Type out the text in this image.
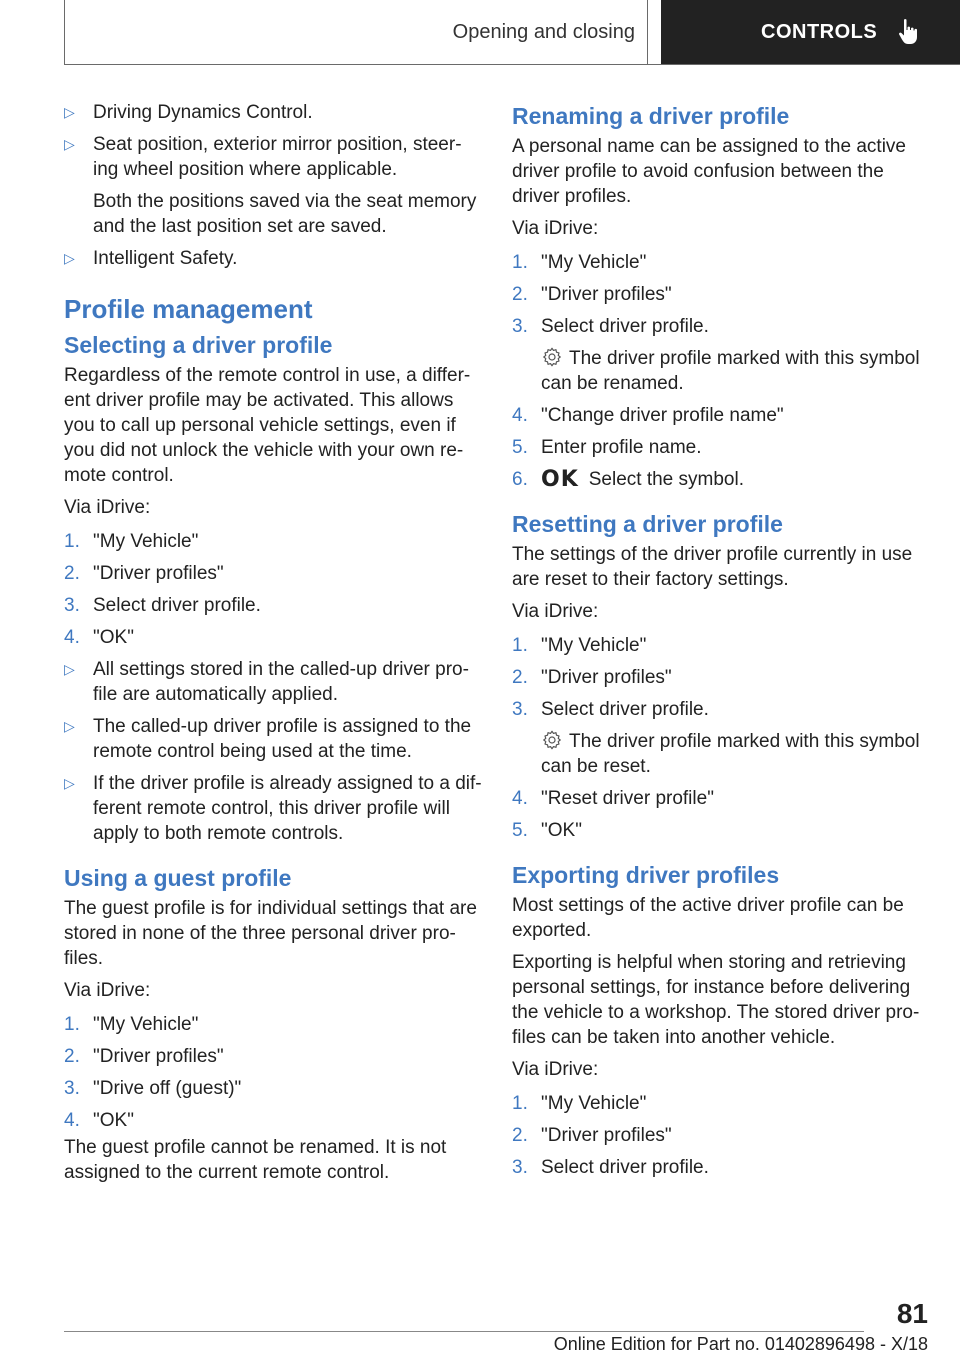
Opening and closing	CONTROLS
▷ Driving Dynamics Control.
▷ Seat position, exterior mirror position, steer-ing wheel position where applicable.
Both the positions saved via the seat memory and the last position set are saved.
▷ Intelligent Safety.
Profile management
Selecting a driver profile

Regardless of the remote control in use, a differ-ent driver profile may be activated. This allows you to call up personal vehicle settings, even if you did not unlock the vehicle with your own re-mote control.

Via iDrive:

1. "My Vehicle"
2. "Driver profiles"
3. Select driver profile.
4. "OK"
▷ All settings stored in the called-up driver pro-file are automatically applied.
▷ The called-up driver profile is assigned to the remote control being used at the time.
▷ If the driver profile is already assigned to a dif-ferent remote control, this driver profile will apply to both remote controls.
Using a guest profile

The guest profile is for individual settings that are stored in none of the three personal driver pro-files.

Via iDrive:

1. "My Vehicle"
2. "Driver profiles"
3. "Drive off (guest)"
4. "OK"

The guest profile cannot be renamed. It is not assigned to the current remote control.

Renaming a driver profile

A personal name can be assigned to the active driver profile to avoid confusion between the driver profiles.

Via iDrive:

1. "My Vehicle"
2. "Driver profiles"
3. Select driver profile.
The driver profile marked with this symbol can be renamed.
4. "Change driver profile name"
5. Enter profile name.
6. OK Select the symbol.
Resetting a driver profile

The settings of the driver profile currently in use are reset to their factory settings.

Via iDrive:

1. "My Vehicle"
2. "Driver profiles"
3. Select driver profile.
The driver profile marked with this symbol can be reset.
4. "Reset driver profile"
5. "OK"
Exporting driver profiles

Most settings of the active driver profile can be exported.

Exporting is helpful when storing and retrieving personal settings, for instance before delivering the vehicle to a workshop. The stored driver pro-files can be taken into another vehicle.

Via iDrive:

1. "My Vehicle"
2. "Driver profiles"
3. Select driver profile.
81
Online Edition for Part no. 01402896498 - X/18
